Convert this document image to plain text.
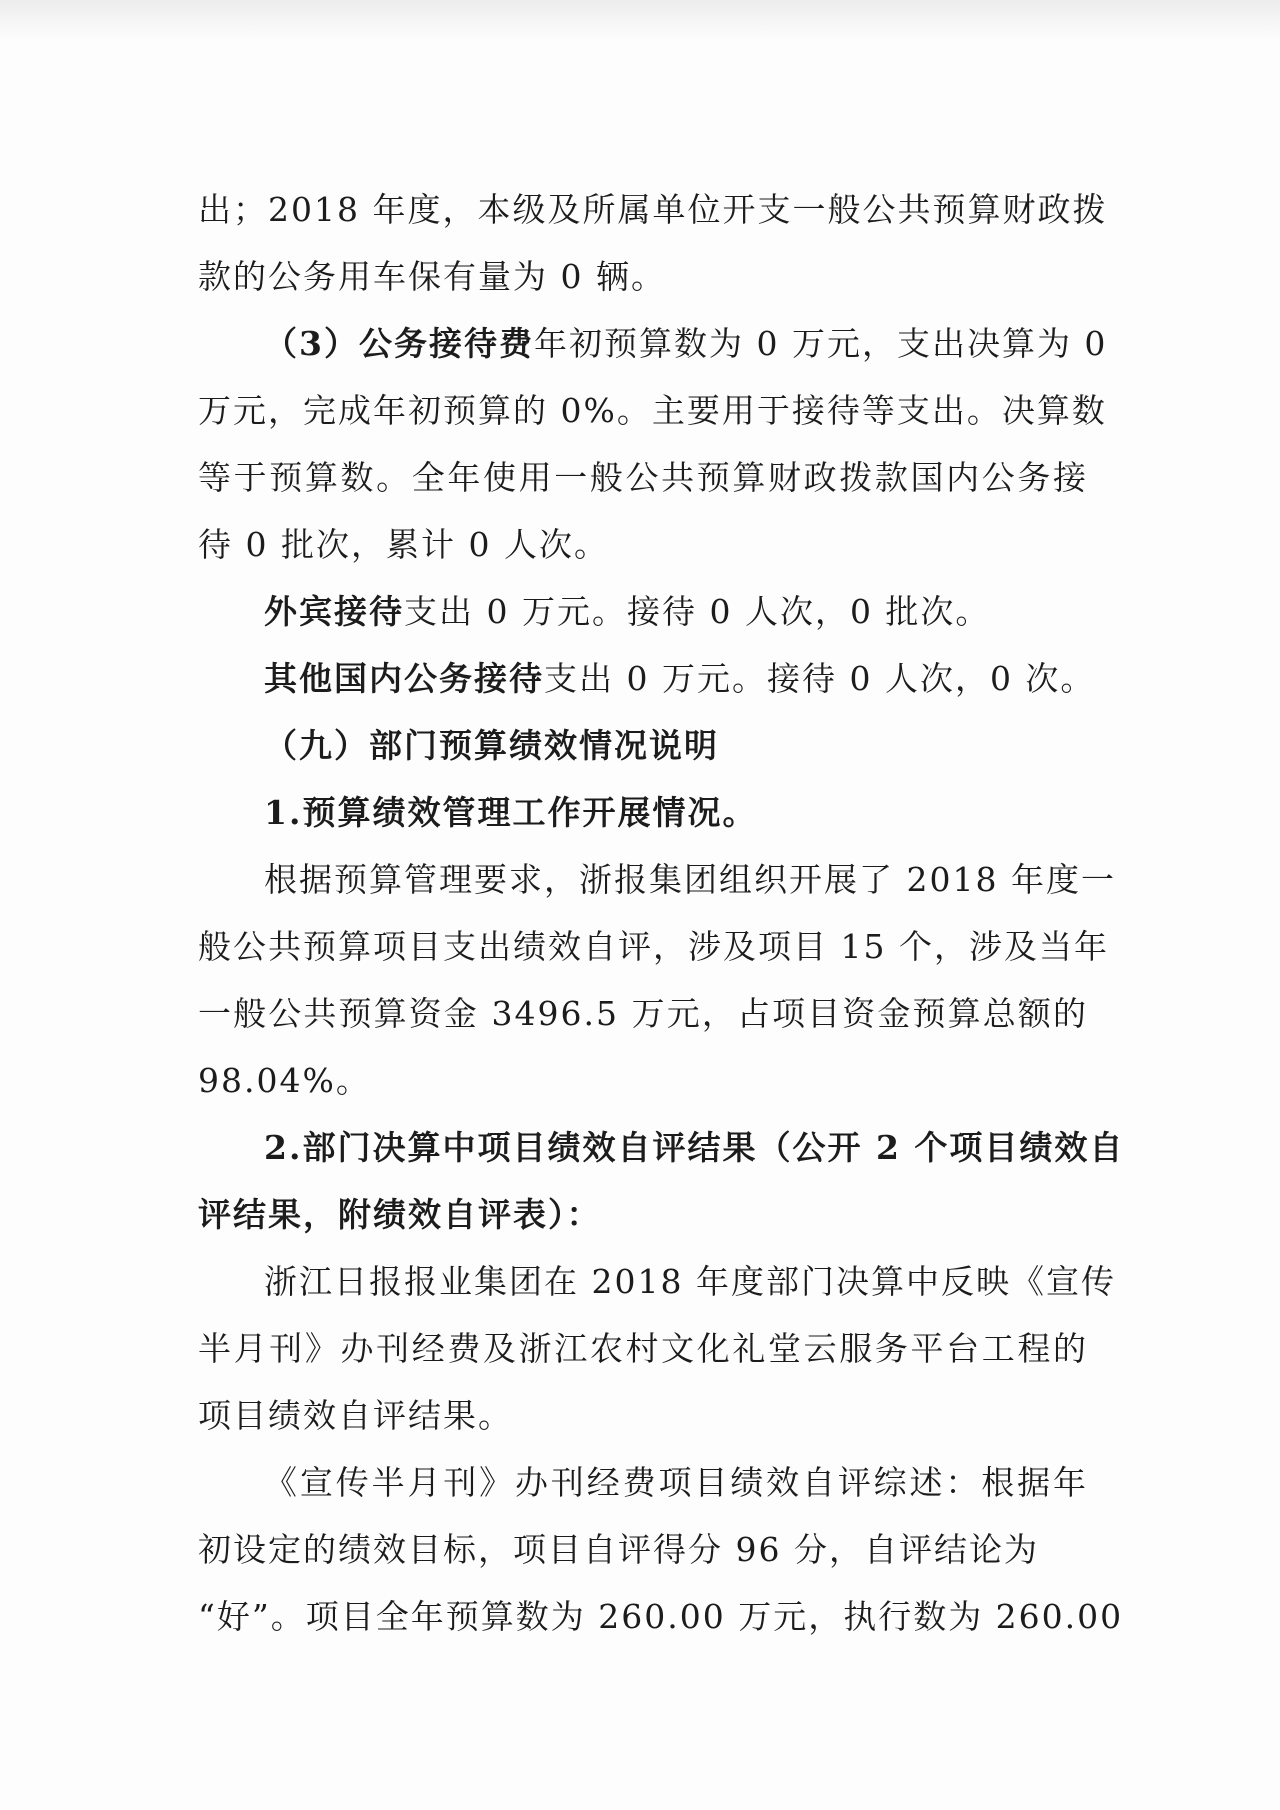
出；2018 年度，本级及所属单位开支一般公共预算财政拨
款的公务用车保有量为 0 辆。
（3）公务接待费年初预算数为 0 万元，支出决算为 0
万元，完成年初预算的 0%。主要用于接待等支出。决算数
等于预算数。全年使用一般公共预算财政拨款国内公务接
待 0 批次，累计 0 人次。
外宾接待支出 0 万元。接待 0 人次，0 批次。
其他国内公务接待支出 0 万元。接待 0 人次，0 次。
（九）部门预算绩效情况说明
1.预算绩效管理工作开展情况。
根据预算管理要求，浙报集团组织开展了 2018 年度一
般公共预算项目支出绩效自评，涉及项目 15 个，涉及当年
一般公共预算资金 3496.5 万元，占项目资金预算总额的
98.04%。
2.部门决算中项目绩效自评结果（公开 2 个项目绩效自
评结果，附绩效自评表）：
浙江日报报业集团在 2018 年度部门决算中反映《宣传
半月刊》办刊经费及浙江农村文化礼堂云服务平台工程的
项目绩效自评结果。
《宣传半月刊》办刊经费项目绩效自评综述：根据年
初设定的绩效目标，项目自评得分 96 分，自评结论为
“好”。项目全年预算数为 260.00 万元，执行数为 260.00
